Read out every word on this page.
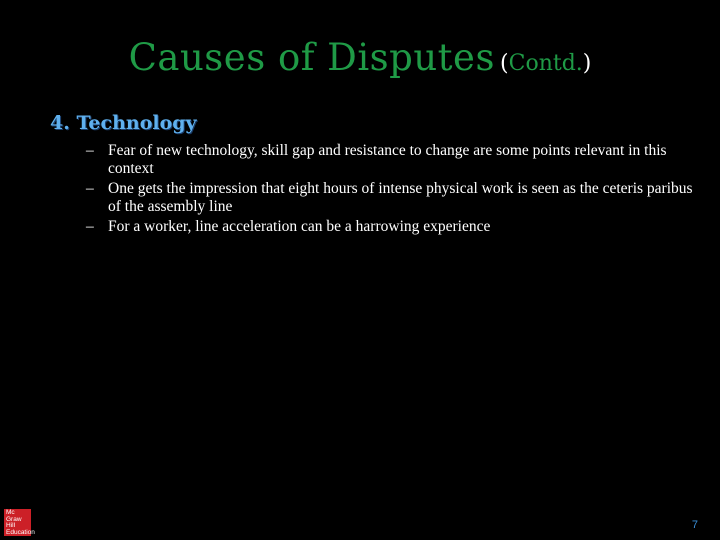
Causes of Disputes (Contd.)
4. Technology
– Fear of new technology, skill gap and resistance to change are some points relevant in this context
– One gets the impression that eight hours of intense physical work is seen as the ceteris paribus of the assembly line
– For a worker, line acceleration can be a harrowing experience
Mc
Graw
Hill
Education
7
